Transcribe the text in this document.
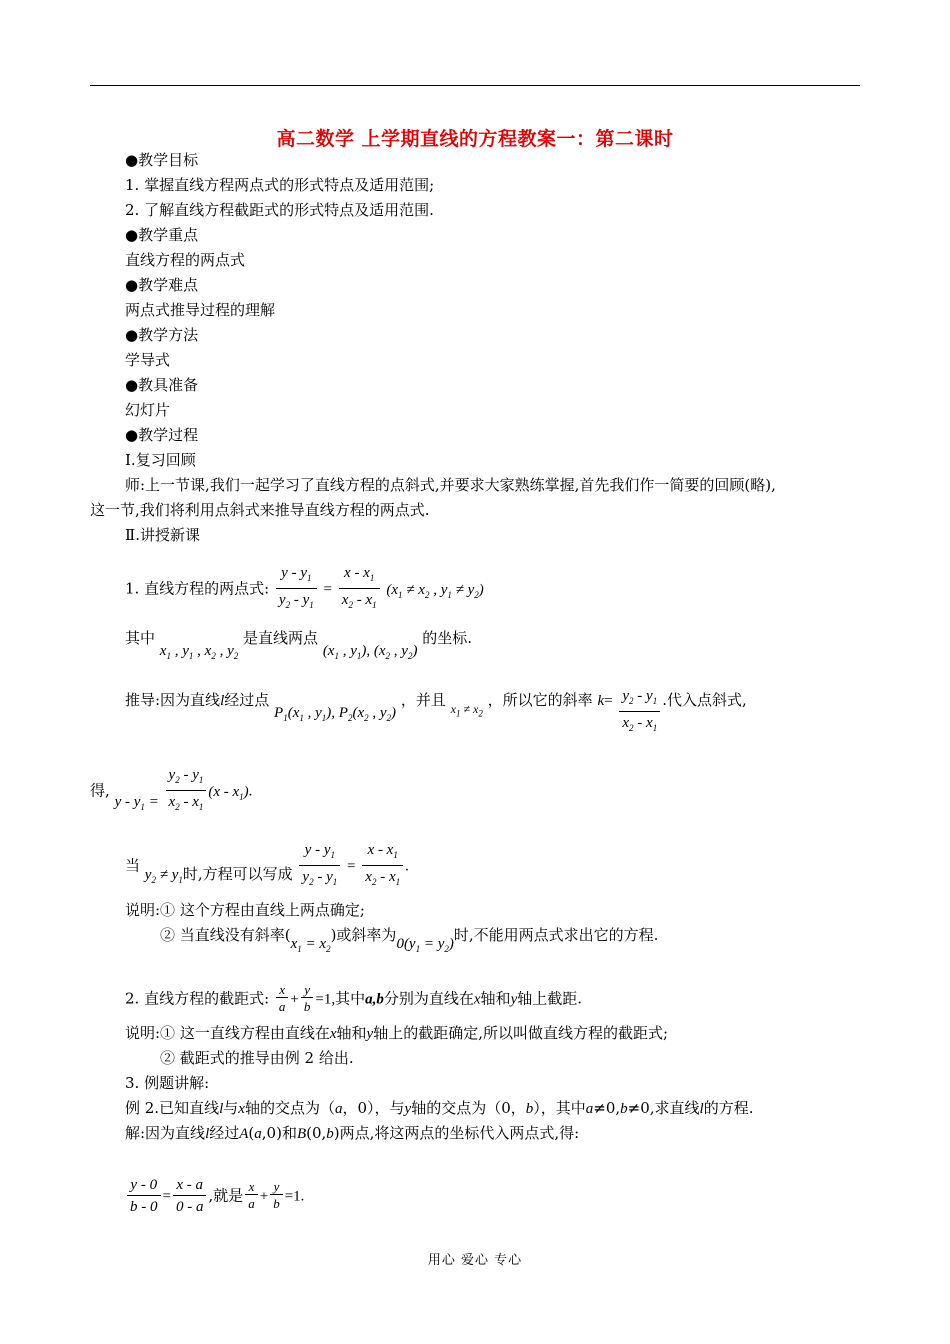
高二数学 上学期直线的方程教案一：第二课时
●教学目标
1. 掌握直线方程两点式的形式特点及适用范围;
2. 了解直线方程截距式的形式特点及适用范围.
●教学重点
直线方程的两点式
●教学难点
两点式推导过程的理解
●教学方法
学导式
●教具准备
幻灯片
●教学过程
Ⅰ.复习回顾
师:上一节课,我们一起学习了直线方程的点斜式,并要求大家熟练掌握,首先我们作一简要的回顾(略),
这一节,我们将利用点斜式来推导直线方程的两点式.
Ⅱ.讲授新课
1. 直线方程的两点式: $\frac{y - y_1}{y_2 - y_1} = \frac{x - x_1}{x_2 - x_1} (x_1 \ne x_2$ , $y_1 \ne y_2$)
其中 $x_1$ , $y_1$ , $x_2$ , $y_2$ 是直线两点 ($x_1$ , $y_1$), ($x_2$ , $y_2$) 的坐标.
推导:因为直线l经过点 $P_1(x_1$ , $y_1$), $P_2(x_2$ , $y_2$) ，并且 $_{x_1 \ne x_2}$ ，所以它的斜率 $k= \frac{y_2 - y_1}{x_2 - x_1}$ .代入点斜式,
得, $y - y_1 = \frac{y_2 - y_1}{x_2 - x_1} (x - x_1)$.
当 $y_2 \ne y_1$时,方程可以写成 $\frac{y - y_1}{y_2 - y_1} = \frac{x - x_1}{x_2 - x_1}$ .
说明:① 这个方程由直线上两点确定;
② 当直线没有斜率$(x_1 = x_2)$或斜率为$0(y_1 = y_2)$时,不能用两点式求出它的方程.
2. 直线方程的截距式: $\frac{x}{a} + \frac{y}{b} =1$,其中a,b分别为直线在x轴和y轴上截距.
说明:① 这一直线方程由直线在x轴和y轴上的截距确定,所以叫做直线方程的截距式;
② 截距式的推导由例 2 给出.
3. 例题讲解:
例 2.已知直线l与x轴的交点为（a，0），与y轴的交点为（0，b），其中a≠0,b≠0,求直线l的方程.
解:因为直线l经过A(a,0)和B(0,b)两点,将这两点的坐标代入两点式,得:
$\frac{y - 0}{b - 0} = \frac{x - a}{0 - a}$ ,就是 $\frac{x}{a} + \frac{y}{b} =1$.
用心 爱心 专心
